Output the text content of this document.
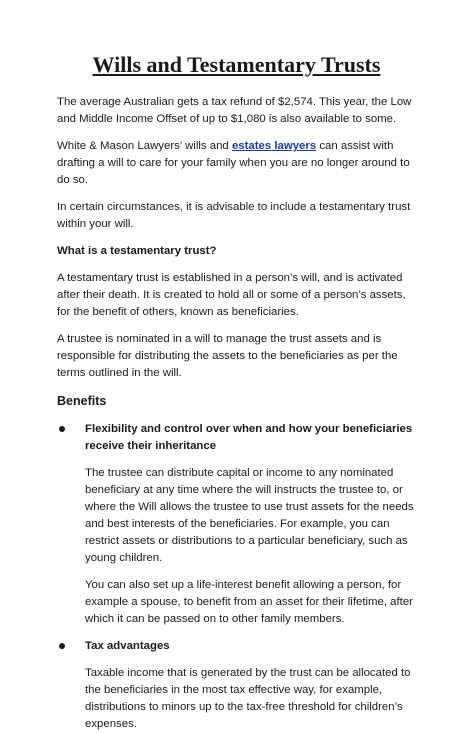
Wills and Testamentary Trusts

The average Australian gets a tax refund of $2,574. This year, the Low and Middle Income Offset of up to $1,080 is also available to some.

White & Mason Lawyers’ wills and estates lawyers can assist with drafting a will to care for your family when you are no longer around to do so.

In certain circumstances, it is advisable to include a testamentary trust within your will.

What is a testamentary trust?

A testamentary trust is established in a person’s will, and is activated after their death. It is created to hold all or some of a person’s assets, for the benefit of others, known as beneficiaries.

A trustee is nominated in a will to manage the trust assets and is responsible for distributing the assets to the beneficiaries as per the terms outlined in the will.

Benefits
Flexibility and control over when and how your beneficiaries receive their inheritance

The trustee can distribute capital or income to any nominated beneficiary at any time where the will instructs the trustee to, or where the Will allows the trustee to use trust assets for the needs and best interests of the beneficiaries. For example, you can restrict assets or distributions to a particular beneficiary, such as young children.

You can also set up a life-interest benefit allowing a person, for example a spouse, to benefit from an asset for their lifetime, after which it can be passed on to other family members.

Tax advantages

Taxable income that is generated by the trust can be allocated to the beneficiaries in the most tax effective way, for example, distributions to minors up to the tax-free threshold for children’s expenses.
